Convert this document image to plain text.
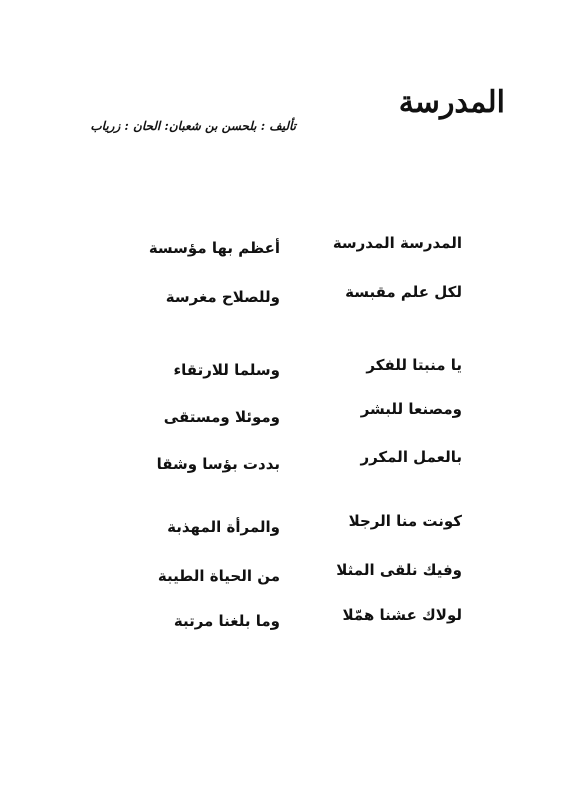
المدرسة
تأليف : بلحسن بن شعبان: الحان : زرياب
المدرسة المدرسة
أعظم بها مؤسسة
لكل علم مقبسة
وللصلاح مغرسة
يا منبتا للفكر
وسلما للارتقاء
ومصنعا للبشر
وموئلا ومستقى
بالعمل المكرر
بددت بؤسا وشقا
كونت منا الرجلا
والمرأة المهذبة
وفيك نلقى المثلا
من الحياة الطيبة
لولاك عشنا همّلا
وما بلغنا مرتبة
